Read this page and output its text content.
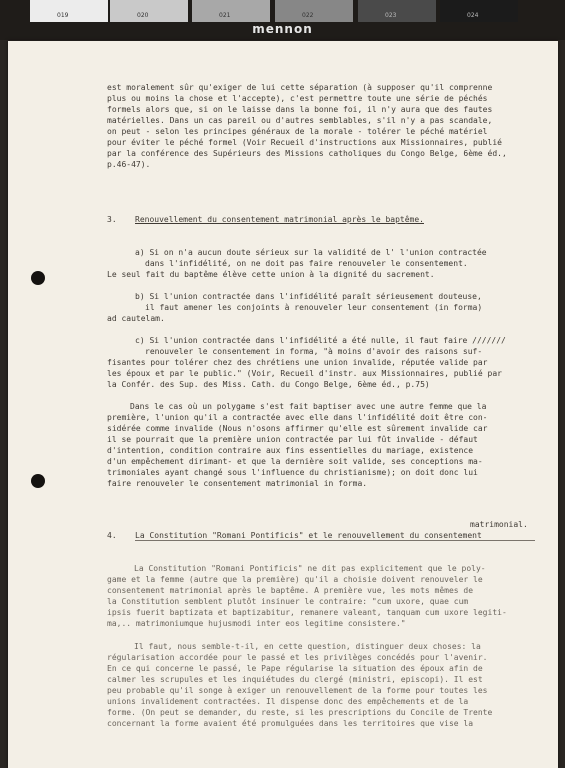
019	020	021	022	023	024
mennon
est moralement sûr qu'exiger de lui cette séparation (à supposer qu'il comprenne
plus ou moins la chose et l'accepte), c'est permettre toute une série de péchés
formels alors que, si on le laisse dans la bonne foi, il n'y aura que des fautes
matérielles. Dans un cas pareil ou d'autres semblables, s'il n'y a pas scandale,
on peut - selon les principes généraux de la morale - tolérer le péché matériel
pour éviter le péché formel (Voir Recueil d'instructions aux Missionnaires, publié
par la conférence des Supérieurs des Missions catholiques du Congo Belge, 6ème éd.,
p.46-47).
3. Renouvellement du consentement matrimonial après le baptême.
a) Si on n'a aucun doute sérieux sur la validité de l' l'union contractée
dans l'infidélité, on ne doit pas faire renouveler le consentement.
Le seul fait du baptême élève cette union à la dignité du sacrement.
b) Si l'union contractée dans l'infidélité paraît sérieusement douteuse,
il faut amener les conjoints à renouveler leur consentement (in forma)
ad cautelam.
c) Si l'union contractée dans l'infidélité a été nulle, il faut faire ///////
renouveler le consentement in forma, "à moins d'avoir des raisons suf-
fisantes pour tolérer chez des chrétiens une union invalide, réputée valide par
les époux et par le public." (Voir, Recueil d'instr. aux Missionnaires, publié par
la Confér. des Sup. des Miss. Cath. du Congo Belge, 6ème éd., p.75)
Dans le cas où un polygame s'est fait baptiser avec une autre femme que la
première, l'union qu'il a contractée avec elle dans l'infidélité doit être con-
sidérée comme invalide (Nous n'osons affirmer qu'elle est sûrement invalide car
il se pourrait que la première union contractée par lui fût invalide - défaut
d'intention, condition contraire aux fins essentielles du mariage, existence
d'un empêchement dirimant- et que la dernière soit valide, ses conceptions ma-
trimoniales ayant changé sous l'influence du christianisme); on doit donc lui
faire renouveler le consentement matrimonial in forma.
matrimonial.
4. La Constitution "Romani Pontificis" et le renouvellement du consentement
La Constitution "Romani Pontificis" ne dit pas explicitement que le poly-
game et la femme (autre que la première) qu'il a choisie doivent renouveler le
consentement matrimonial après le baptême. A première vue, les mots mêmes de
la Constitution semblent plutôt insinuer le contraire: "cum uxore, quae cum
ipsis fuerit baptizata et baptizabitur, remanere valeant, tanquam cum uxore legiti-
ma,.. matrimoniumque hujusmodi inter eos legitime consistere."
Il faut, nous semble-t-il, en cette question, distinguer deux choses: la
régularisation accordée pour le passé et les privilèges concédés pour l'avenir.
En ce qui concerne le passé, le Pape régularise la situation des époux afin de
calmer les scrupules et les inquiétudes du clergé (ministri, episcopi). Il est
peu probable qu'il songe à exiger un renouvellement de la forme pour toutes les
unions invalidement contractées. Il dispense donc des empêchements et de la
forme. (On peut se demander, du reste, si les prescriptions du Concile de Trente
concernant la forme avaient été promulguées dans les territoires que vise la
